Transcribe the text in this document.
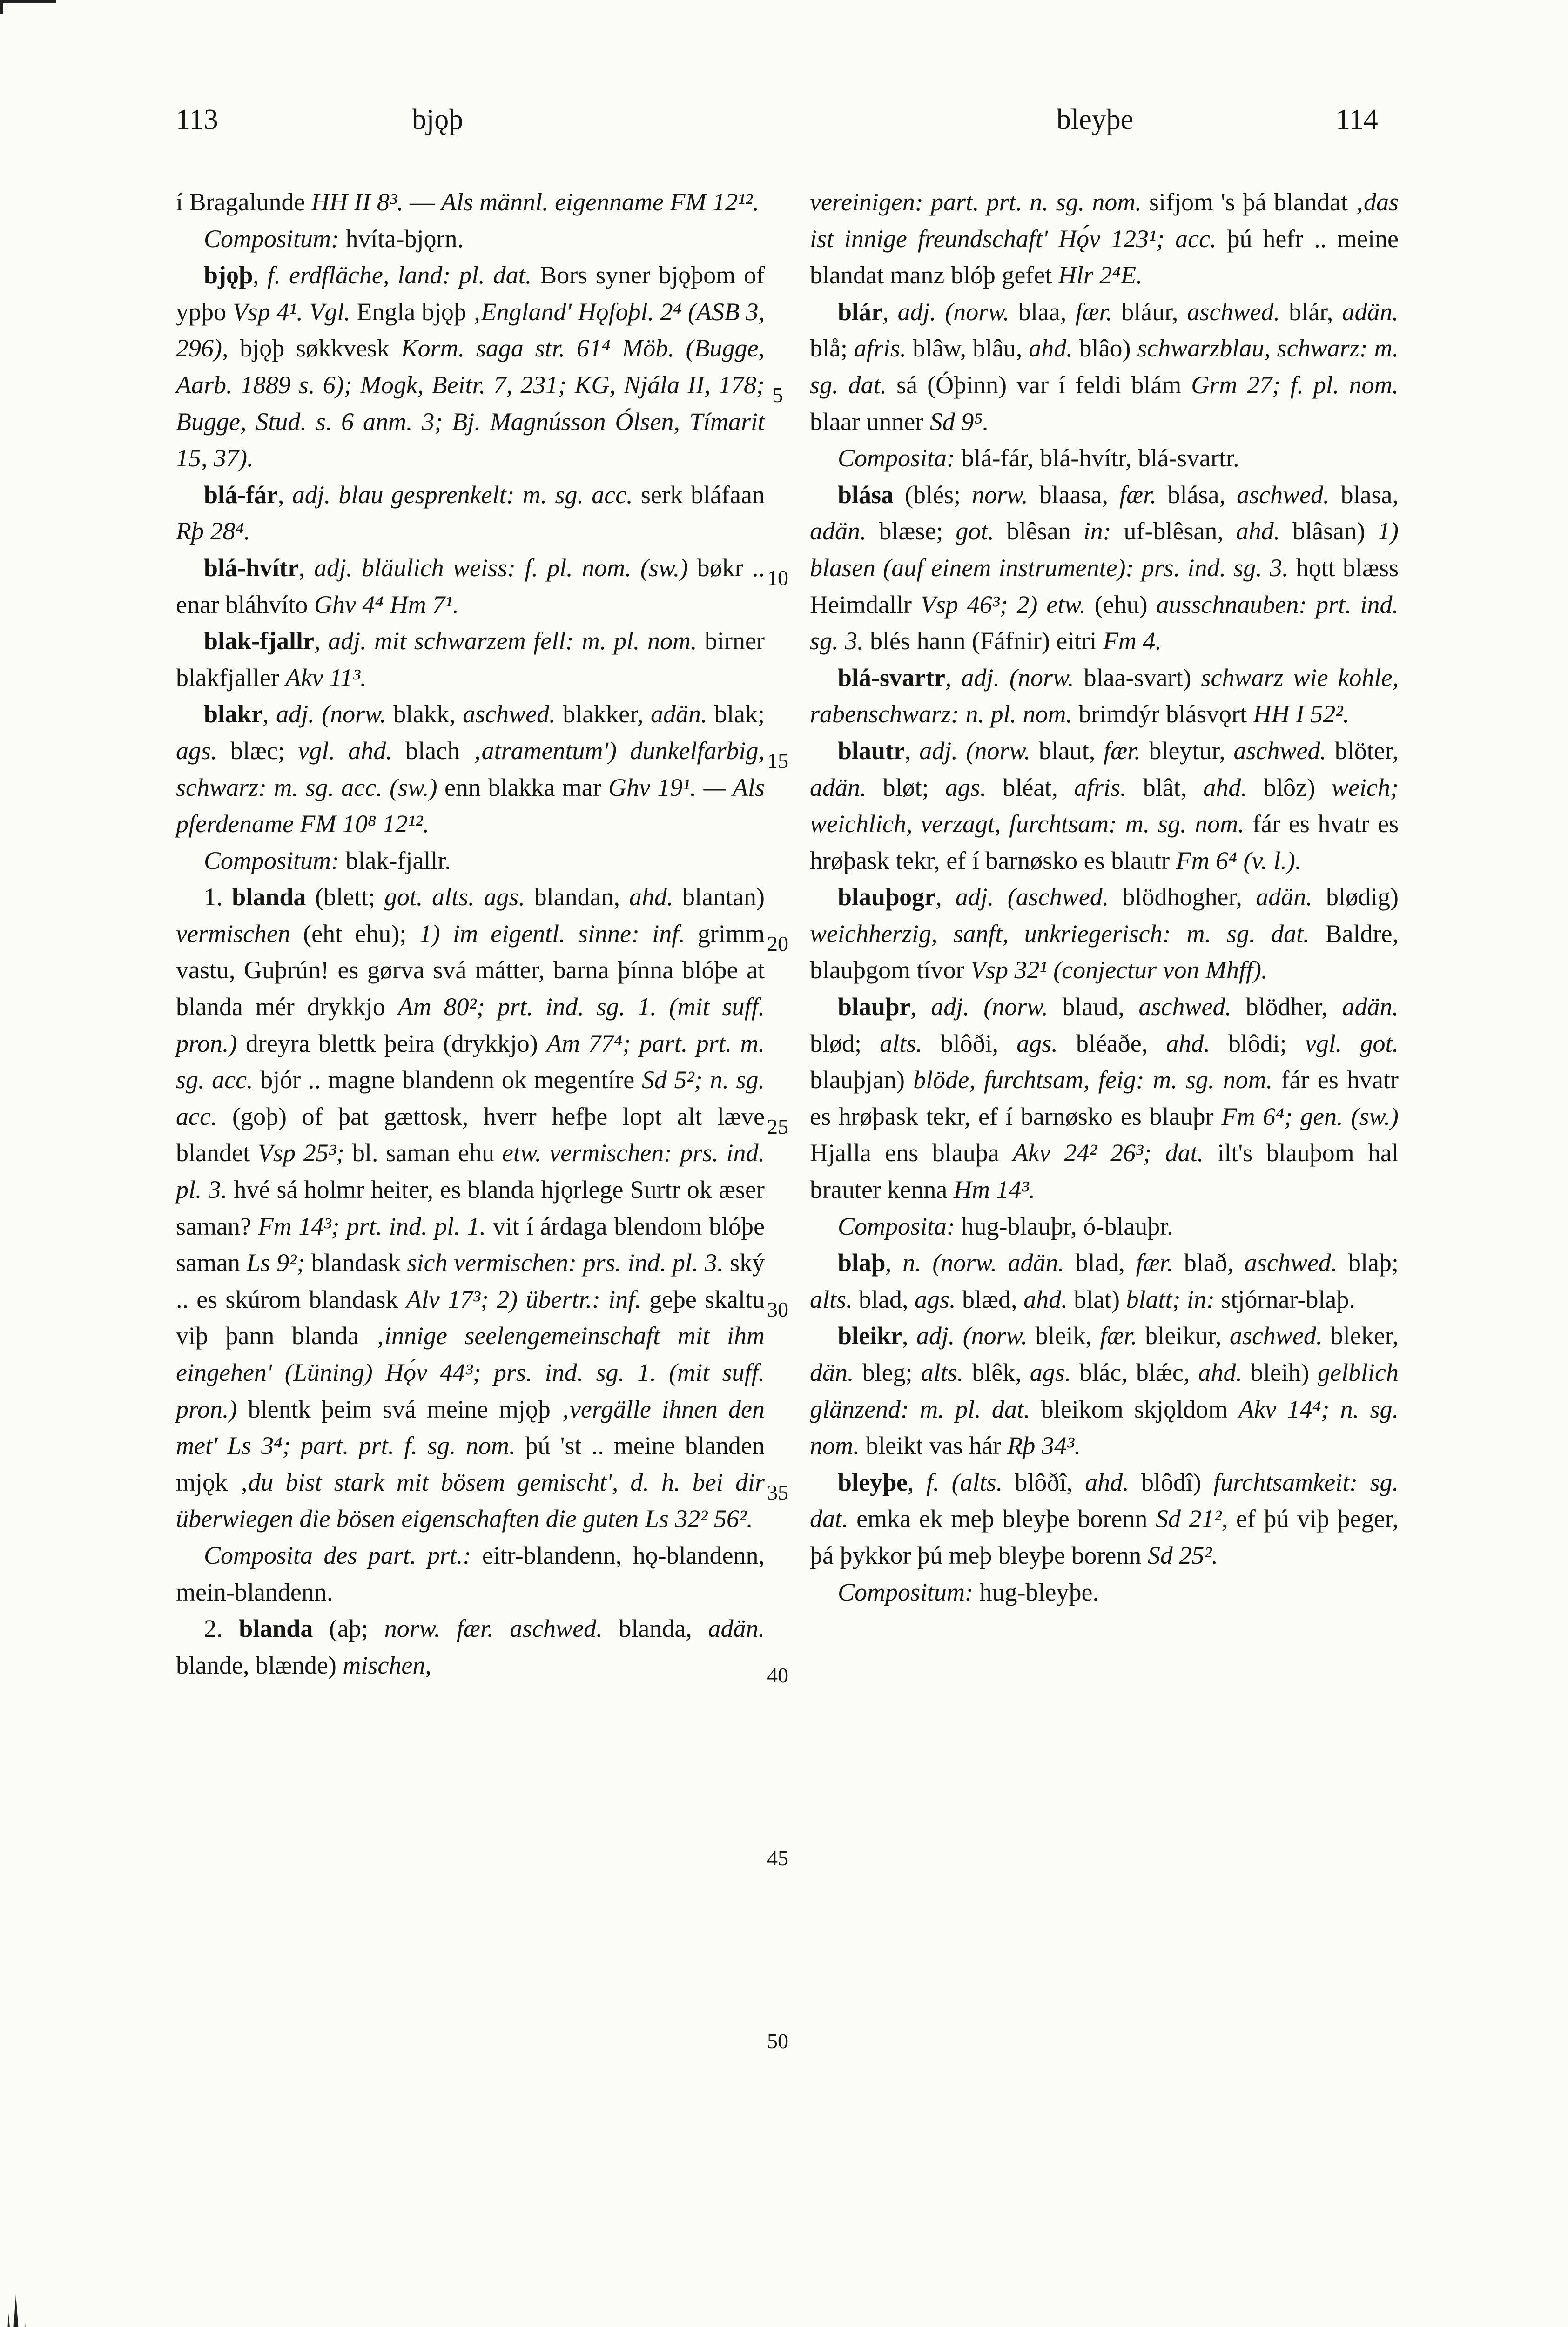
113	bjǫþ	bleyþe	114

í Bragalunde HH II 8³. — Als männl. eigenname FM 12¹².

Compositum: hvíta-bjǫrn.

bjǫþ, f. erdfläche, land: pl. dat. Bors syner bjǫþom of ypþo Vsp 4¹. Vgl. Engla bjǫþ ‚England' Hǫfoþl. 2⁴ (ASB 3, 296), bjǫþ søkkvesk Korm. saga str. 61⁴ Möb. (Bugge, Aarb. 1889 s. 6); Mogk, Beitr. 7, 231; KG, Njála II, 178; Bugge, Stud. s. 6 anm. 3; Bj. Magnússon Ólsen, Tímarit 15, 37).

blá-fár, adj. blau gesprenkelt: m. sg. acc. serk bláfaan Rþ 28⁴.

blá-hvítr, adj. bläulich weiss: f. pl. nom. (sw.) bøkr .. enar bláhvíto Ghv 4⁴ Hm 7¹.

blak-fjallr, adj. mit schwarzem fell: m. pl. nom. birner blakfjaller Akv 11³.

blakr, adj. (norw. blakk, aschwed. blakker, adän. blak; ags. blæc; vgl. ahd. blach ‚atramentum') dunkelfarbig, schwarz: m. sg. acc. (sw.) enn blakka mar Ghv 19¹. — Als pferdename FM 10⁸ 12¹².

Compositum: blak-fjallr.

1. blanda (blett; got. alts. ags. blandan, ahd. blantan) vermischen (eht ehu); 1) im eigentl. sinne: inf. grimm vastu, Guþrún! es gørva svá mátter, barna þínna blóþe at blanda mér drykkjo Am 80²; prt. ind. sg. 1. (mit suff. pron.) dreyra blettk þeira (drykkjo) Am 77⁴; part. prt. m. sg. acc. bjór .. magne blandenn ok megentíre Sd 5²; n. sg. acc. (goþ) of þat gættosk, hverr hefþe lopt alt læve blandet Vsp 25³; bl. saman ehu etw. vermischen: prs. ind. pl. 3. hvé sá holmr heiter, es blanda hjǫrlege Surtr ok æser saman? Fm 14³; prt. ind. pl. 1. vit í árdaga blendom blóþe saman Ls 9²; blandask sich vermischen: prs. ind. pl. 3. ský .. es skúrom blandask Alv 17³; 2) übertr.: inf. geþe skaltu viþ þann blanda ‚innige seelengemeinschaft mit ihm eingehen' (Lüning) Hǫ́v 44³; prs. ind. sg. 1. (mit suff. pron.) blentk þeim svá meine mjǫþ ‚vergälle ihnen den met' Ls 3⁴; part. prt. f. sg. nom. þú 'st .. meine blanden mjǫk ‚du bist stark mit bösem gemischt', d. h. bei dir überwiegen die bösen eigenschaften die guten Ls 32² 56².

Composita des part. prt.: eitr-blandenn, hǫ-blandenn, mein-blandenn.

2. blanda (aþ; norw. fær. aschwed. blanda, adän. blande, blænde) mischen,

5
10
15
20
25
30
35
40
45
50

vereinigen: part. prt. n. sg. nom. sifjom 's þá blandat ‚das ist innige freundschaft' Hǫ́v 123¹; acc. þú hefr .. meine blandat manz blóþ gefet Hlr 2⁴E.

blár, adj. (norw. blaa, fær. bláur, aschwed. blár, adän. blå; afris. blâw, blâu, ahd. blâo) schwarzblau, schwarz: m. sg. dat. sá (Óþinn) var í feldi blám Grm 27; f. pl. nom. blaar unner Sd 9⁵.

Composita: blá-fár, blá-hvítr, blá-svartr.

blása (blés; norw. blaasa, fær. blása, aschwed. blasa, adän. blæse; got. blêsan in: uf-blêsan, ahd. blâsan) 1) blasen (auf einem instrumente): prs. ind. sg. 3. hǫtt blæss Heimdallr Vsp 46³; 2) etw. (ehu) ausschnauben: prt. ind. sg. 3. blés hann (Fáfnir) eitri Fm 4.

blá-svartr, adj. (norw. blaa-svart) schwarz wie kohle, rabenschwarz: n. pl. nom. brimdýr blásvǫrt HH I 52².

blautr, adj. (norw. blaut, fær. bleytur, aschwed. blöter, adän. bløt; ags. bléat, afris. blât, ahd. blôz) weich; weichlich, verzagt, furchtsam: m. sg. nom. fár es hvatr es hrøþask tekr, ef í barnøsko es blautr Fm 6⁴ (v. l.).

blauþogr, adj. (aschwed. blödhogher, adän. blødig) weichherzig, sanft, unkriegerisch: m. sg. dat. Baldre, blauþgom tívor Vsp 32¹ (conjectur von Mhff).

blauþr, adj. (norw. blaud, aschwed. blödher, adän. blød; alts. blôði, ags. bléaðe, ahd. blôdi; vgl. got. blauþjan) blöde, furchtsam, feig: m. sg. nom. fár es hvatr es hrøþask tekr, ef í barnøsko es blauþr Fm 6⁴; gen. (sw.) Hjalla ens blauþa Akv 24² 26³; dat. ilt's blauþom hal brauter kenna Hm 14³.

Composita: hug-blauþr, ó-blauþr.

blaþ, n. (norw. adän. blad, fær. blað, aschwed. blaþ; alts. blad, ags. blæd, ahd. blat) blatt; in: stjórnar-blaþ.

bleikr, adj. (norw. bleik, fær. bleikur, aschwed. bleker, dän. bleg; alts. blêk, ags. blác, blǽc, ahd. bleih) gelblich glänzend: m. pl. dat. bleikom skjǫldom Akv 14⁴; n. sg. nom. bleikt vas hár Rþ 34³.

bleyþe, f. (alts. blôðî, ahd. blôdî) furchtsamkeit: sg. dat. emka ek meþ bleyþe borenn Sd 21², ef þú viþ þeger, þá þykkor þú meþ bleyþe borenn Sd 25².

Compositum: hug-bleyþe.
